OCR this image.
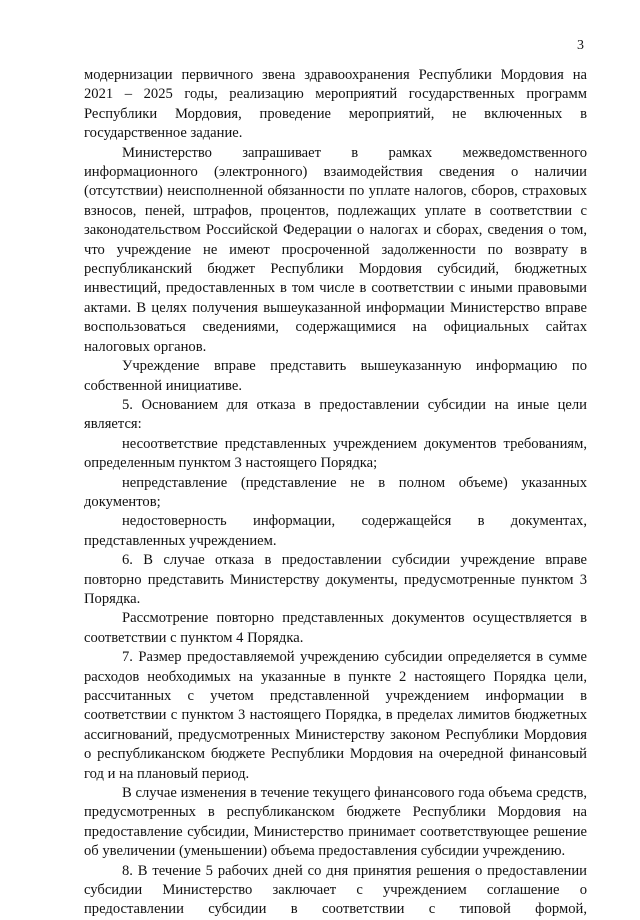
3

модернизации первичного звена здравоохранения Республики Мордовия на 2021 – 2025 годы, реализацию мероприятий государственных программ Республики Мордовия, проведение мероприятий, не включенных в государственное задание.

Министерство запрашивает в рамках межведомственного информационного (электронного) взаимодействия сведения о наличии (отсутствии) неисполненной обязанности по уплате налогов, сборов, страховых взносов, пеней, штрафов, процентов, подлежащих уплате в соответствии с законодательством Российской Федерации о налогах и сборах, сведения о том, что учреждение не имеют просроченной задолженности по возврату в республиканский бюджет Республики Мордовия субсидий, бюджетных инвестиций, предоставленных в том числе в соответствии с иными правовыми актами. В целях получения вышеуказанной информации Министерство вправе воспользоваться сведениями, содержащимися на официальных сайтах налоговых органов.

Учреждение вправе представить вышеуказанную информацию по собственной инициативе.

5. Основанием для отказа в предоставлении субсидии на иные цели является:

несоответствие представленных учреждением документов требованиям, определенным пунктом 3 настоящего Порядка;

непредставление (представление не в полном объеме) указанных документов;

недостоверность информации, содержащейся в документах, представленных учреждением.

6. В случае отказа в предоставлении субсидии учреждение вправе повторно представить Министерству документы, предусмотренные пунктом 3 Порядка.

Рассмотрение повторно представленных документов осуществляется в соответствии с пунктом 4 Порядка.

7. Размер предоставляемой учреждению субсидии определяется в сумме расходов необходимых на указанные в пункте 2 настоящего Порядка цели, рассчитанных с учетом представленной учреждением информации в соответствии с пунктом 3 настоящего Порядка, в пределах лимитов бюджетных ассигнований, предусмотренных Министерству законом Республики Мордовия о республиканском бюджете Республики Мордовия на очередной финансовый год и на плановый период.

В случае изменения в течение текущего финансового года объема средств, предусмотренных в республиканском бюджете Республики Мордовия на предоставление субсидии, Министерство принимает соответствующее решение об увеличении (уменьшении) объема предоставления субсидии учреждению.

8. В течение 5 рабочих дней со дня принятия решения о предоставлении субсидии Министерство заключает с учреждением соглашение о предоставлении субсидии в соответствии с типовой формой,
